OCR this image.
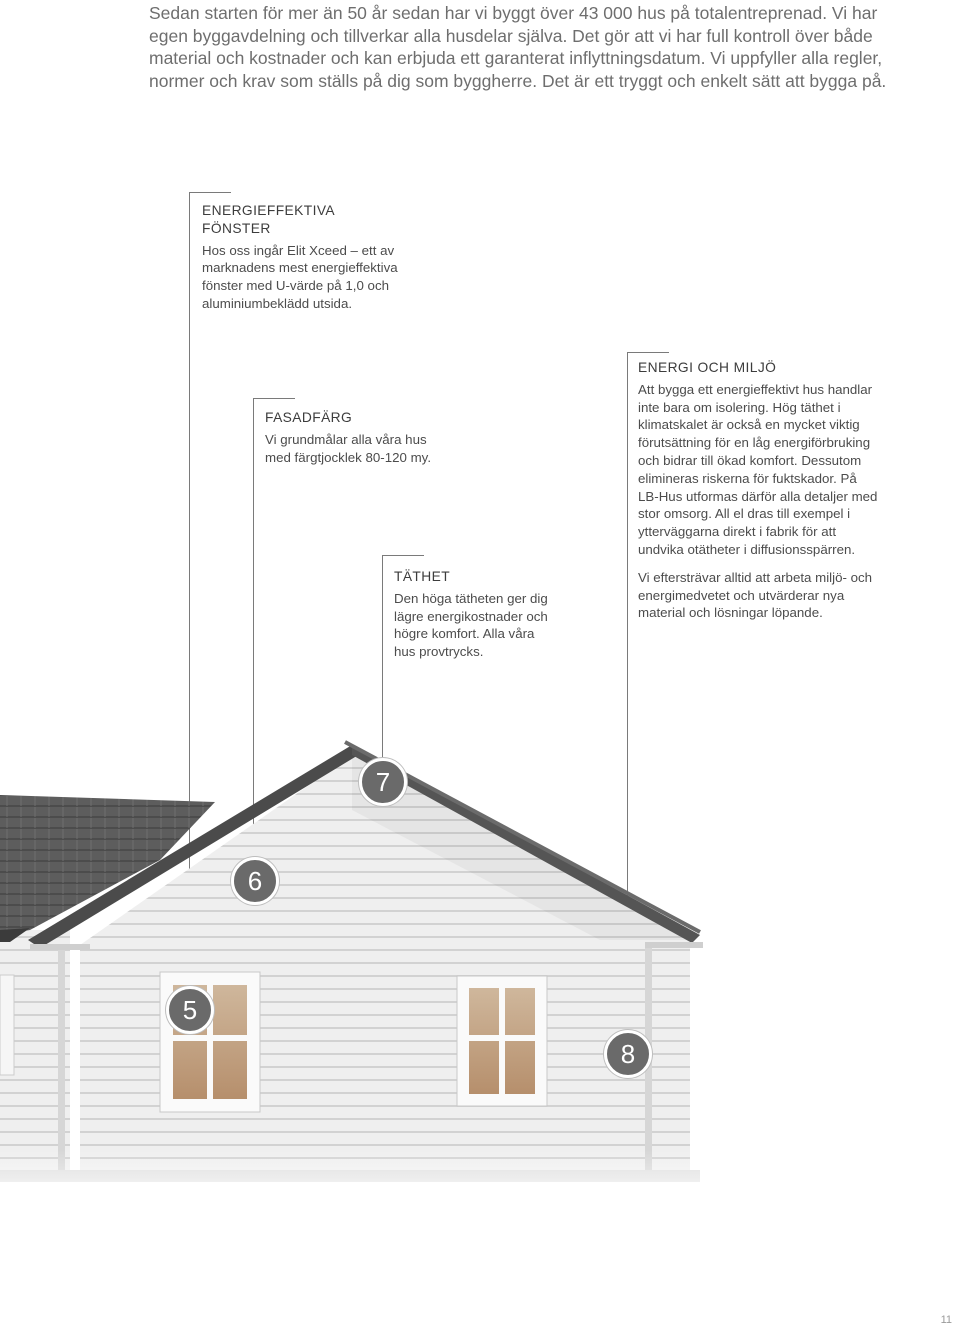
Sedan starten för mer än 50 år sedan har vi byggt över 43 000 hus på totalentreprenad. Vi har egen byggavdelning och tillverkar alla husdelar själva. Det gör att vi har full kontroll över både material och kostnader och kan erbjuda ett garanterat inflyttningsdatum. Vi uppfyller alla regler, normer och krav som ställs på dig som byggherre. Det är ett tryggt och enkelt sätt att bygga på.

ENERGIEFFEKTIVA FÖNSTER

Hos oss ingår Elit Xceed – ett av marknadens mest energieffektiva fönster med U-värde på 1,0 och aluminiumbeklädd utsida.

FASADFÄRG

Vi grundmålar alla våra hus med färgtjocklek 80-120 my.

TÄTHET

Den höga tätheten ger dig lägre energikostnader och högre komfort. Alla våra hus provtrycks.

ENERGI OCH MILJÖ

Att bygga ett energieffektivt hus handlar inte bara om isolering. Hög täthet i klimatskalet är också en mycket viktig förutsättning för en låg energiförbruking och bidrar till ökad komfort. Dessutom elimineras riskerna för fuktskador. På LB-Hus utformas därför alla detaljer med stor omsorg. All el dras till exempel i ytterväggarna direkt i fabrik för att undvika otätheter i diffusionsspärren.

Vi eftersträvar alltid att arbeta miljö- och energimedvetet och utvärderar nya material och lösningar löpande.

7
6
5
8
11
